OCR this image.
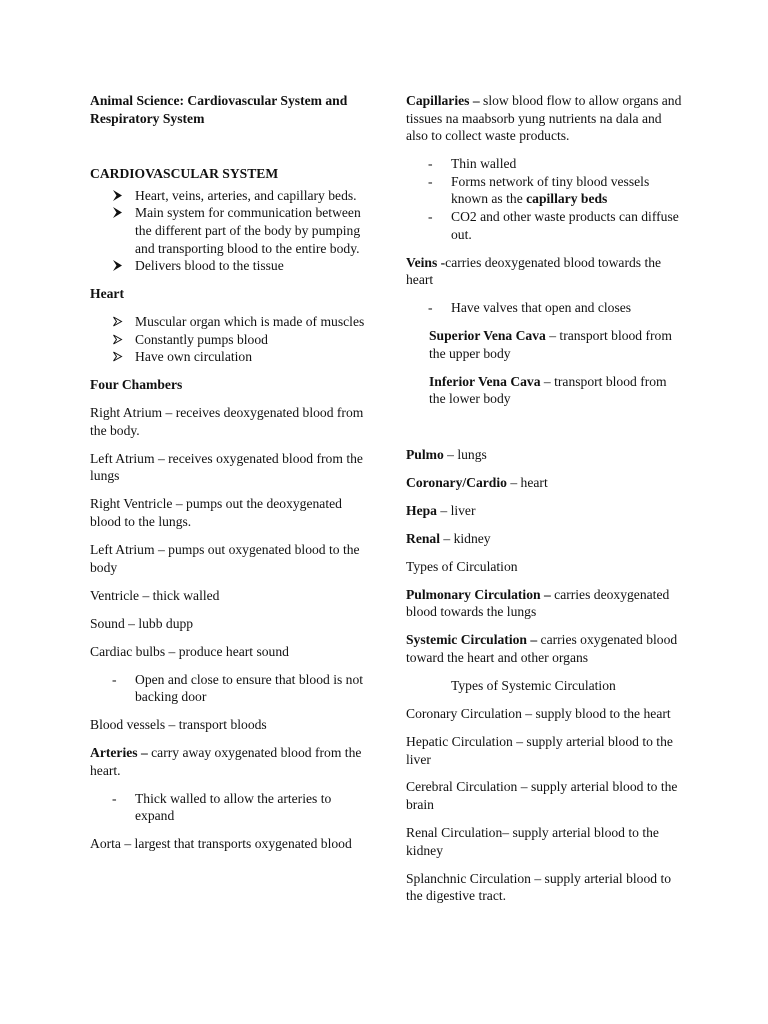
Animal Science: Cardiovascular System and Respiratory System

CARDIOVASCULAR SYSTEM

Heart, veins, arteries, and capillary beds.
Main system for communication between the different part of the body by pumping and transporting blood to the entire body.
Delivers blood to the tissue

Heart

Muscular organ which is made of muscles
Constantly pumps blood
Have own circulation

Four Chambers

Right Atrium – receives deoxygenated blood from the body.

Left Atrium – receives oxygenated blood from the lungs

Right Ventricle – pumps out the deoxygenated blood to the lungs.

Left Atrium – pumps out oxygenated blood to the body

Ventricle – thick walled

Sound – lubb dupp

Cardiac bulbs – produce heart sound

- Open and close to ensure that blood is not backing door

Blood vessels – transport bloods

Arteries – carry away oxygenated blood from the heart.

- Thick walled to allow the arteries to expand

Aorta – largest that transports oxygenated blood

Capillaries – slow blood flow to allow organs and tissues na maabsorb yung nutrients na dala and also to collect waste products.

- Thin walled
- Forms network of tiny blood vessels known as the capillary beds
- CO2 and other waste products can diffuse out.

Veins -carries deoxygenated blood towards the heart

- Have valves that open and closes

Superior Vena Cava – transport blood from the upper body

Inferior Vena Cava – transport blood from the lower body

Pulmo – lungs

Coronary/Cardio – heart

Hepa – liver

Renal – kidney

Types of Circulation

Pulmonary Circulation – carries deoxygenated blood towards the lungs

Systemic Circulation – carries oxygenated blood toward the heart and other organs

Types of Systemic Circulation

Coronary Circulation – supply blood to the heart

Hepatic Circulation – supply arterial blood to the liver

Cerebral Circulation – supply arterial blood to the brain

Renal Circulation– supply arterial blood to the kidney

Splanchnic Circulation – supply arterial blood to the digestive tract.
